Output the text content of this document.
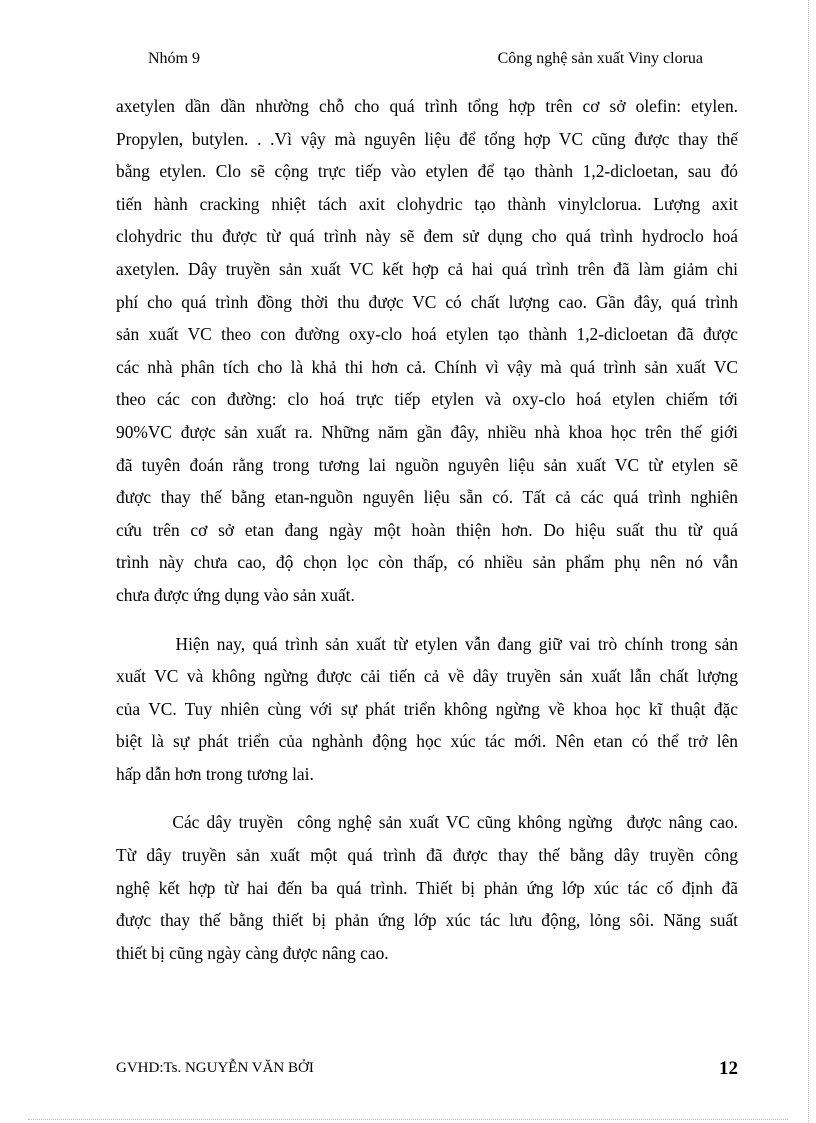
Nhóm 9	Công nghệ sản xuất Viny clorua
axetylen dần dần nhường chỗ cho quá trình tổng hợp trên cơ sở olefin: etylen.
Propylen, butylen. . .Vì vậy mà nguyên liệu để tổng hợp VC cũng được thay thế
bằng etylen. Clo sẽ cộng trực tiếp vào etylen để tạo thành 1,2-dicloetan, sau đó
tiến hành cracking nhiệt tách axit clohydric tạo thành vinylclorua. Lượng axit
clohydric thu được từ quá trình này sẽ đem sử dụng cho quá trình hydroclo hoá
axetylen. Dây truyền sản xuất VC kết hợp cả hai quá trình trên đã làm giảm chi
phí cho quá trình đồng thời thu được VC có chất lượng cao. Gần đây, quá trình
sản xuất VC theo con đường oxy-clo hoá etylen tạo thành 1,2-dicloetan đã được
các nhà phân tích cho là khả thi hơn cả. Chính vì vậy mà quá trình sản xuất VC
theo các con đường: clo hoá trực tiếp etylen và oxy-clo hoá etylen chiếm tới
90%VC được sản xuất ra. Những năm gần đây, nhiều nhà khoa học trên thế giới
đã tuyên đoán rằng trong tương lai nguồn nguyên liệu sản xuất VC từ etylen sẽ
được thay thế bằng etan-nguồn nguyên liệu sẵn có. Tất cả các quá trình nghiên
cứu trên cơ sở etan đang ngày một hoàn thiện hơn. Do hiệu suất thu từ quá
trình này chưa cao, độ chọn lọc còn thấp, có nhiều sản phẩm phụ nên nó vẫn
chưa được ứng dụng vào sản xuất.
Hiện nay, quá trình sản xuất từ etylen vẫn đang giữ vai trò chính trong sản
xuất VC và không ngừng được cải tiến cả về dây truyền sản xuất lẫn chất lượng
của VC. Tuy nhiên cùng với sự phát triển không ngừng về khoa học kĩ thuật đặc
biệt là sự phát triển của nghành động học xúc tác mới. Nên etan có thể trở lên
hấp dẫn hơn trong tương lai.
Các dây truyền  công nghệ sản xuất VC cũng không ngừng  được nâng cao.
Từ dây truyền sản xuất một quá trình đã được thay thế bằng dây truyền công
nghệ kết hợp từ hai đến ba quá trình. Thiết bị phản ứng lớp xúc tác cố định đã
được thay thế bằng thiết bị phản ứng lớp xúc tác lưu động, lỏng sôi. Năng suất
thiết bị cũng ngày càng được nâng cao.
GVHD:Ts. NGUYỄN VĂN BỞI	12
